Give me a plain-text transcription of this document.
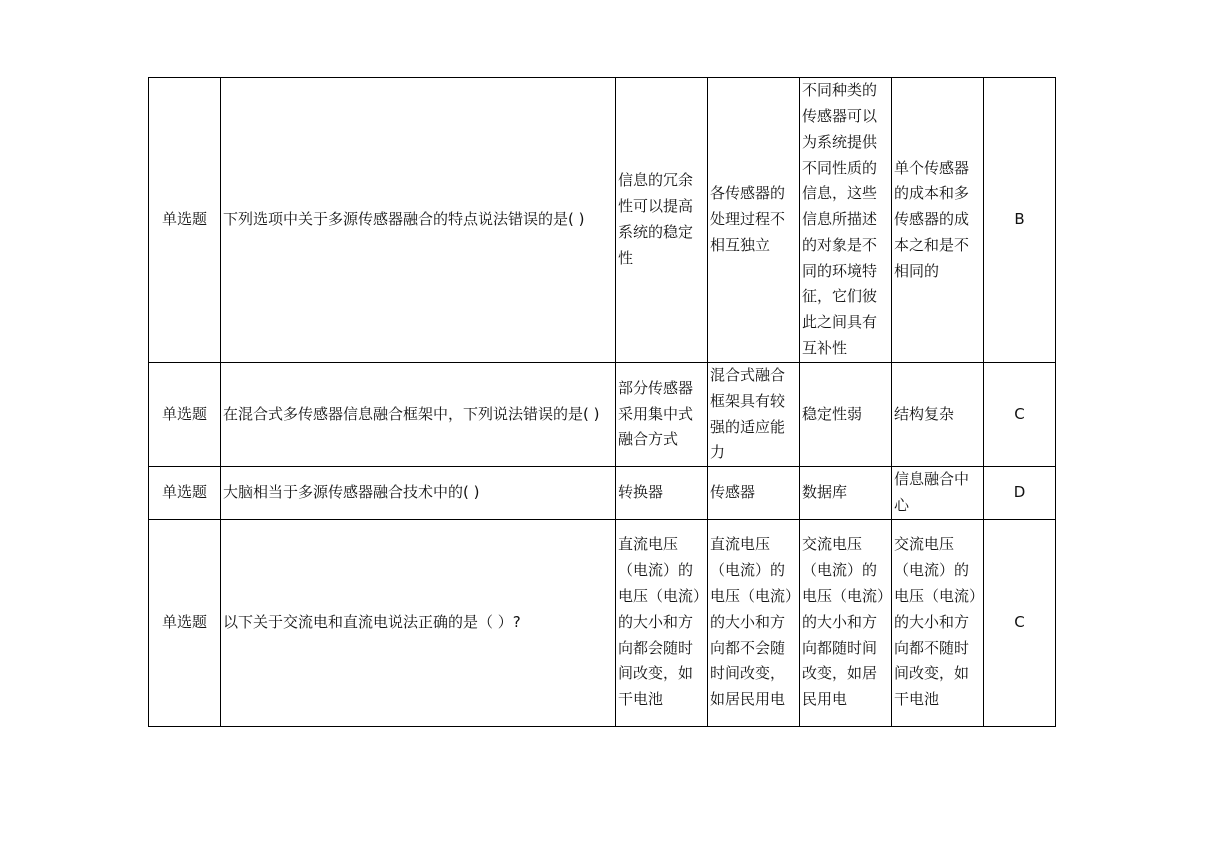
单选题	下列选项中关于多源传感器融合的特点说法错误的是( )	信息的冗余性可以提高系统的稳定性	各传感器的处理过程不相互独立	不同种类的传感器可以为系统提供不同性质的信息，这些信息所描述的对象是不同的环境特征，它们彼此之间具有互补性	单个传感器的成本和多传感器的成本之和是不相同的	B
单选题	在混合式多传感器信息融合框架中，下列说法错误的是( )	部分传感器采用集中式融合方式	混合式融合框架具有较强的适应能力	稳定性弱	结构复杂	C
单选题	大脑相当于多源传感器融合技术中的( )	转换器	传感器	数据库	信息融合中心	D
单选题	以下关于交流电和直流电说法正确的是（ ）?	直流电压（电流）的电压（电流）的大小和方向都会随时间改变，如干电池	直流电压（电流）的电压（电流）的大小和方向都不会随时间改变，如居民用电	交流电压（电流）的电压（电流）的大小和方向都随时间改变，如居民用电	交流电压（电流）的电压（电流）的大小和方向都不随时间改变，如干电池	C
